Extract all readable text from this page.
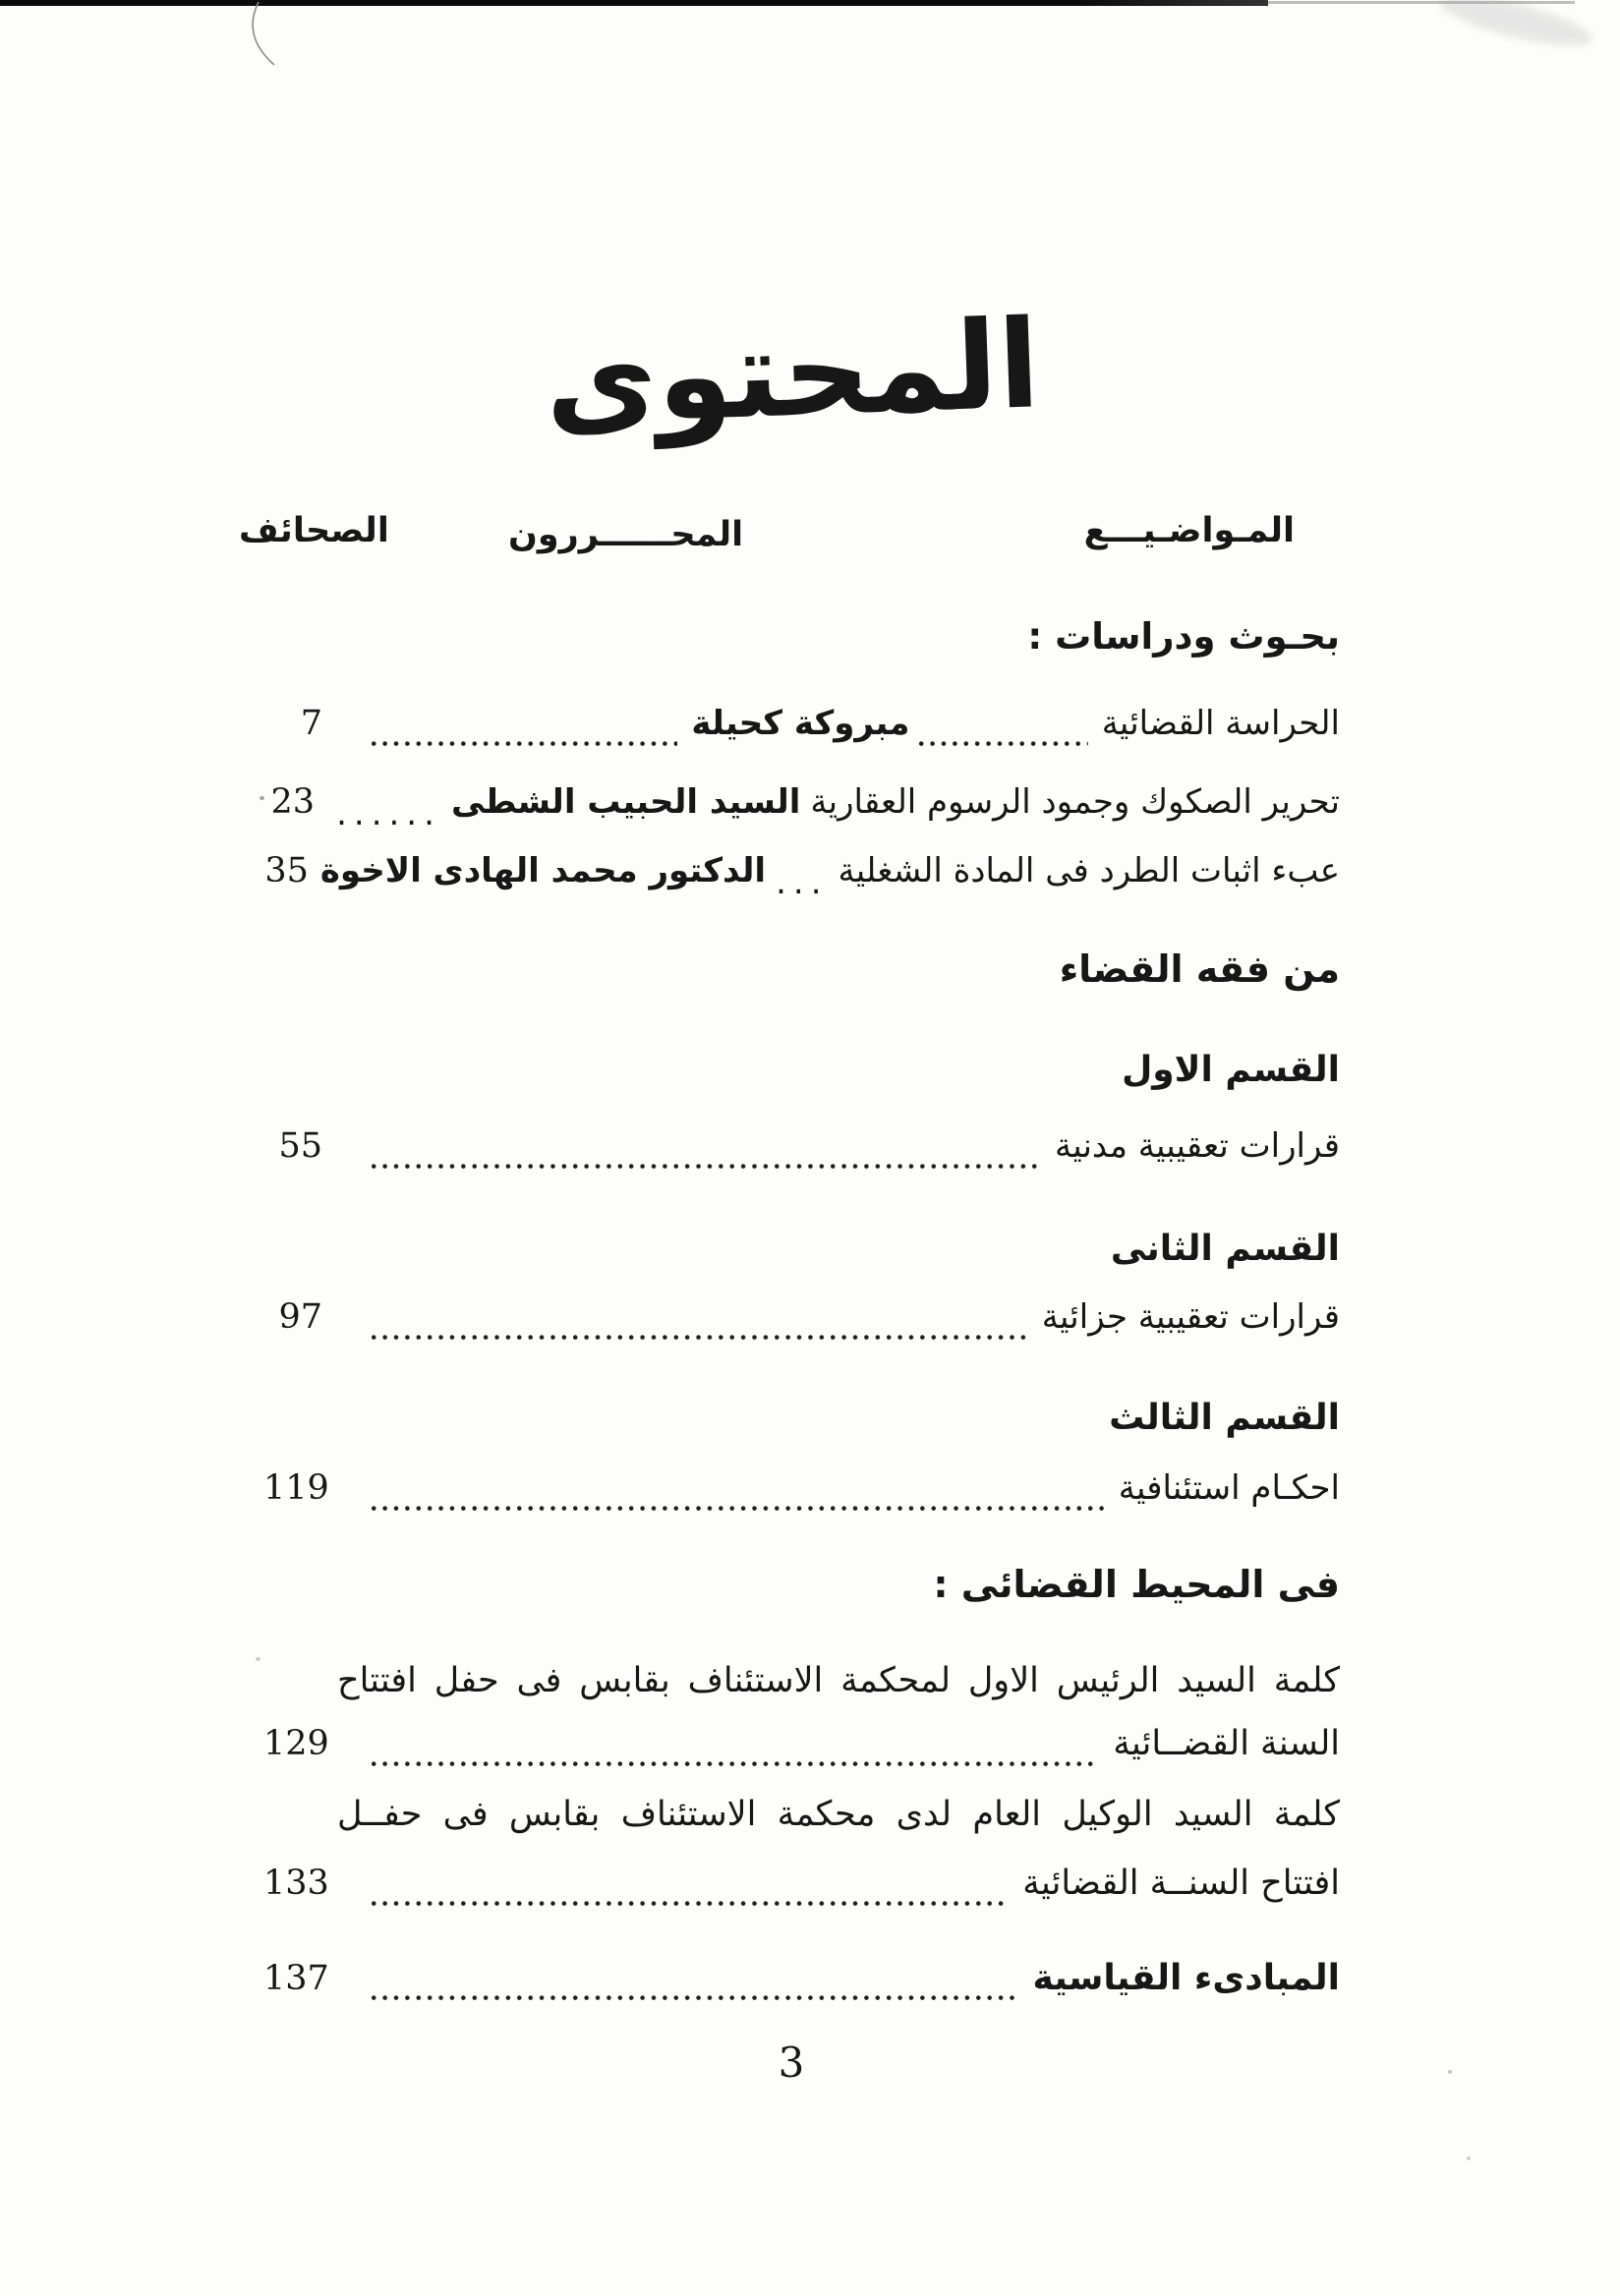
المحتوى
المـواضـيـــع
المحــــــررون
الصحائف
بحـوث ودراسات :
الحراسة القضائية
مبروكة كحيلة
7
تحرير الصكوك وجمود الرسوم العقارية
السيد الحبيب الشطى
......
23
عبء اثبات الطرد فى المادة الشغلية
...
الدكتور محمد الهادى الاخوة
35
من فقه القضاء
القسم الاول
قرارات تعقيبية مدنية
55
القسم الثانى
قرارات تعقيبية جزائية
97
القسم الثالث
احكـام استئنافية
119
فى المحيط القضائى :
كلمة السيد الرئيس الاول لمحكمة الاستئناف بقابس فى حفل افتتاح
السنة القضــائية
129
كلمة السيد الوكيل العام لدى محكمة الاستئناف بقابس فى حفــل
افتتاح السنــة القضائية
133
المبادىء القياسية
137
3
